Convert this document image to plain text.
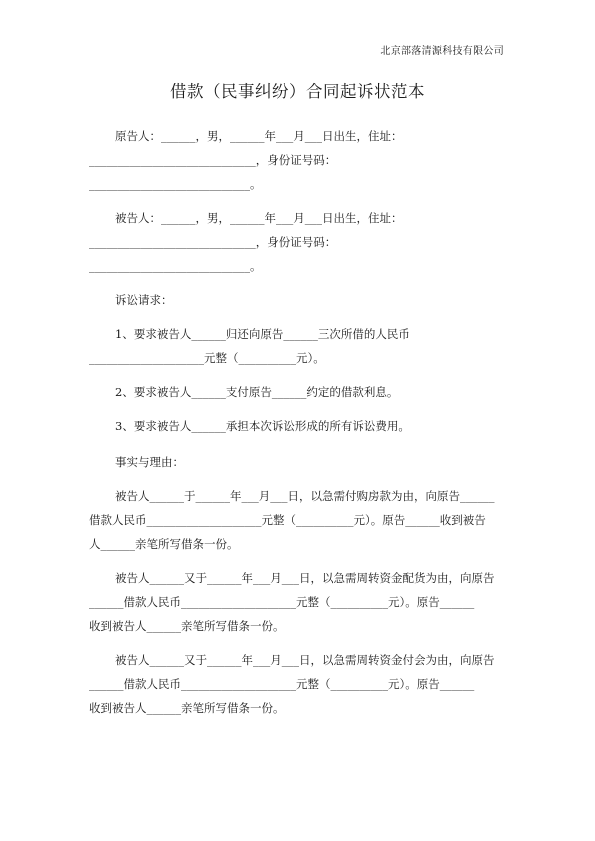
北京部落清源科技有限公司
借款（民事纠纷）合同起诉状范本
原告人：______，男，______年___月___日出生，住址：
_____________________________，身份证号码：
____________________________。
被告人：______，男，______年___月___日出生，住址：
_____________________________，身份证号码：
____________________________。
诉讼请求：
1、要求被告人______归还向原告______三次所借的人民币
____________________元整（__________元）。
2、要求被告人______支付原告______约定的借款利息。
3、要求被告人______承担本次诉讼形成的所有诉讼费用。
事实与理由：
被告人______于______年___月___日，以急需付购房款为由，向原告______
借款人民币____________________元整（__________元）。原告______收到被告
人______亲笔所写借条一份。
被告人______又于______年___月___日，以急需周转资金配货为由，向原告
______借款人民币____________________元整（__________元）。原告______
收到被告人______亲笔所写借条一份。
被告人______又于______年___月___日，以急需周转资金付会为由，向原告
______借款人民币____________________元整（__________元）。原告______
收到被告人______亲笔所写借条一份。
